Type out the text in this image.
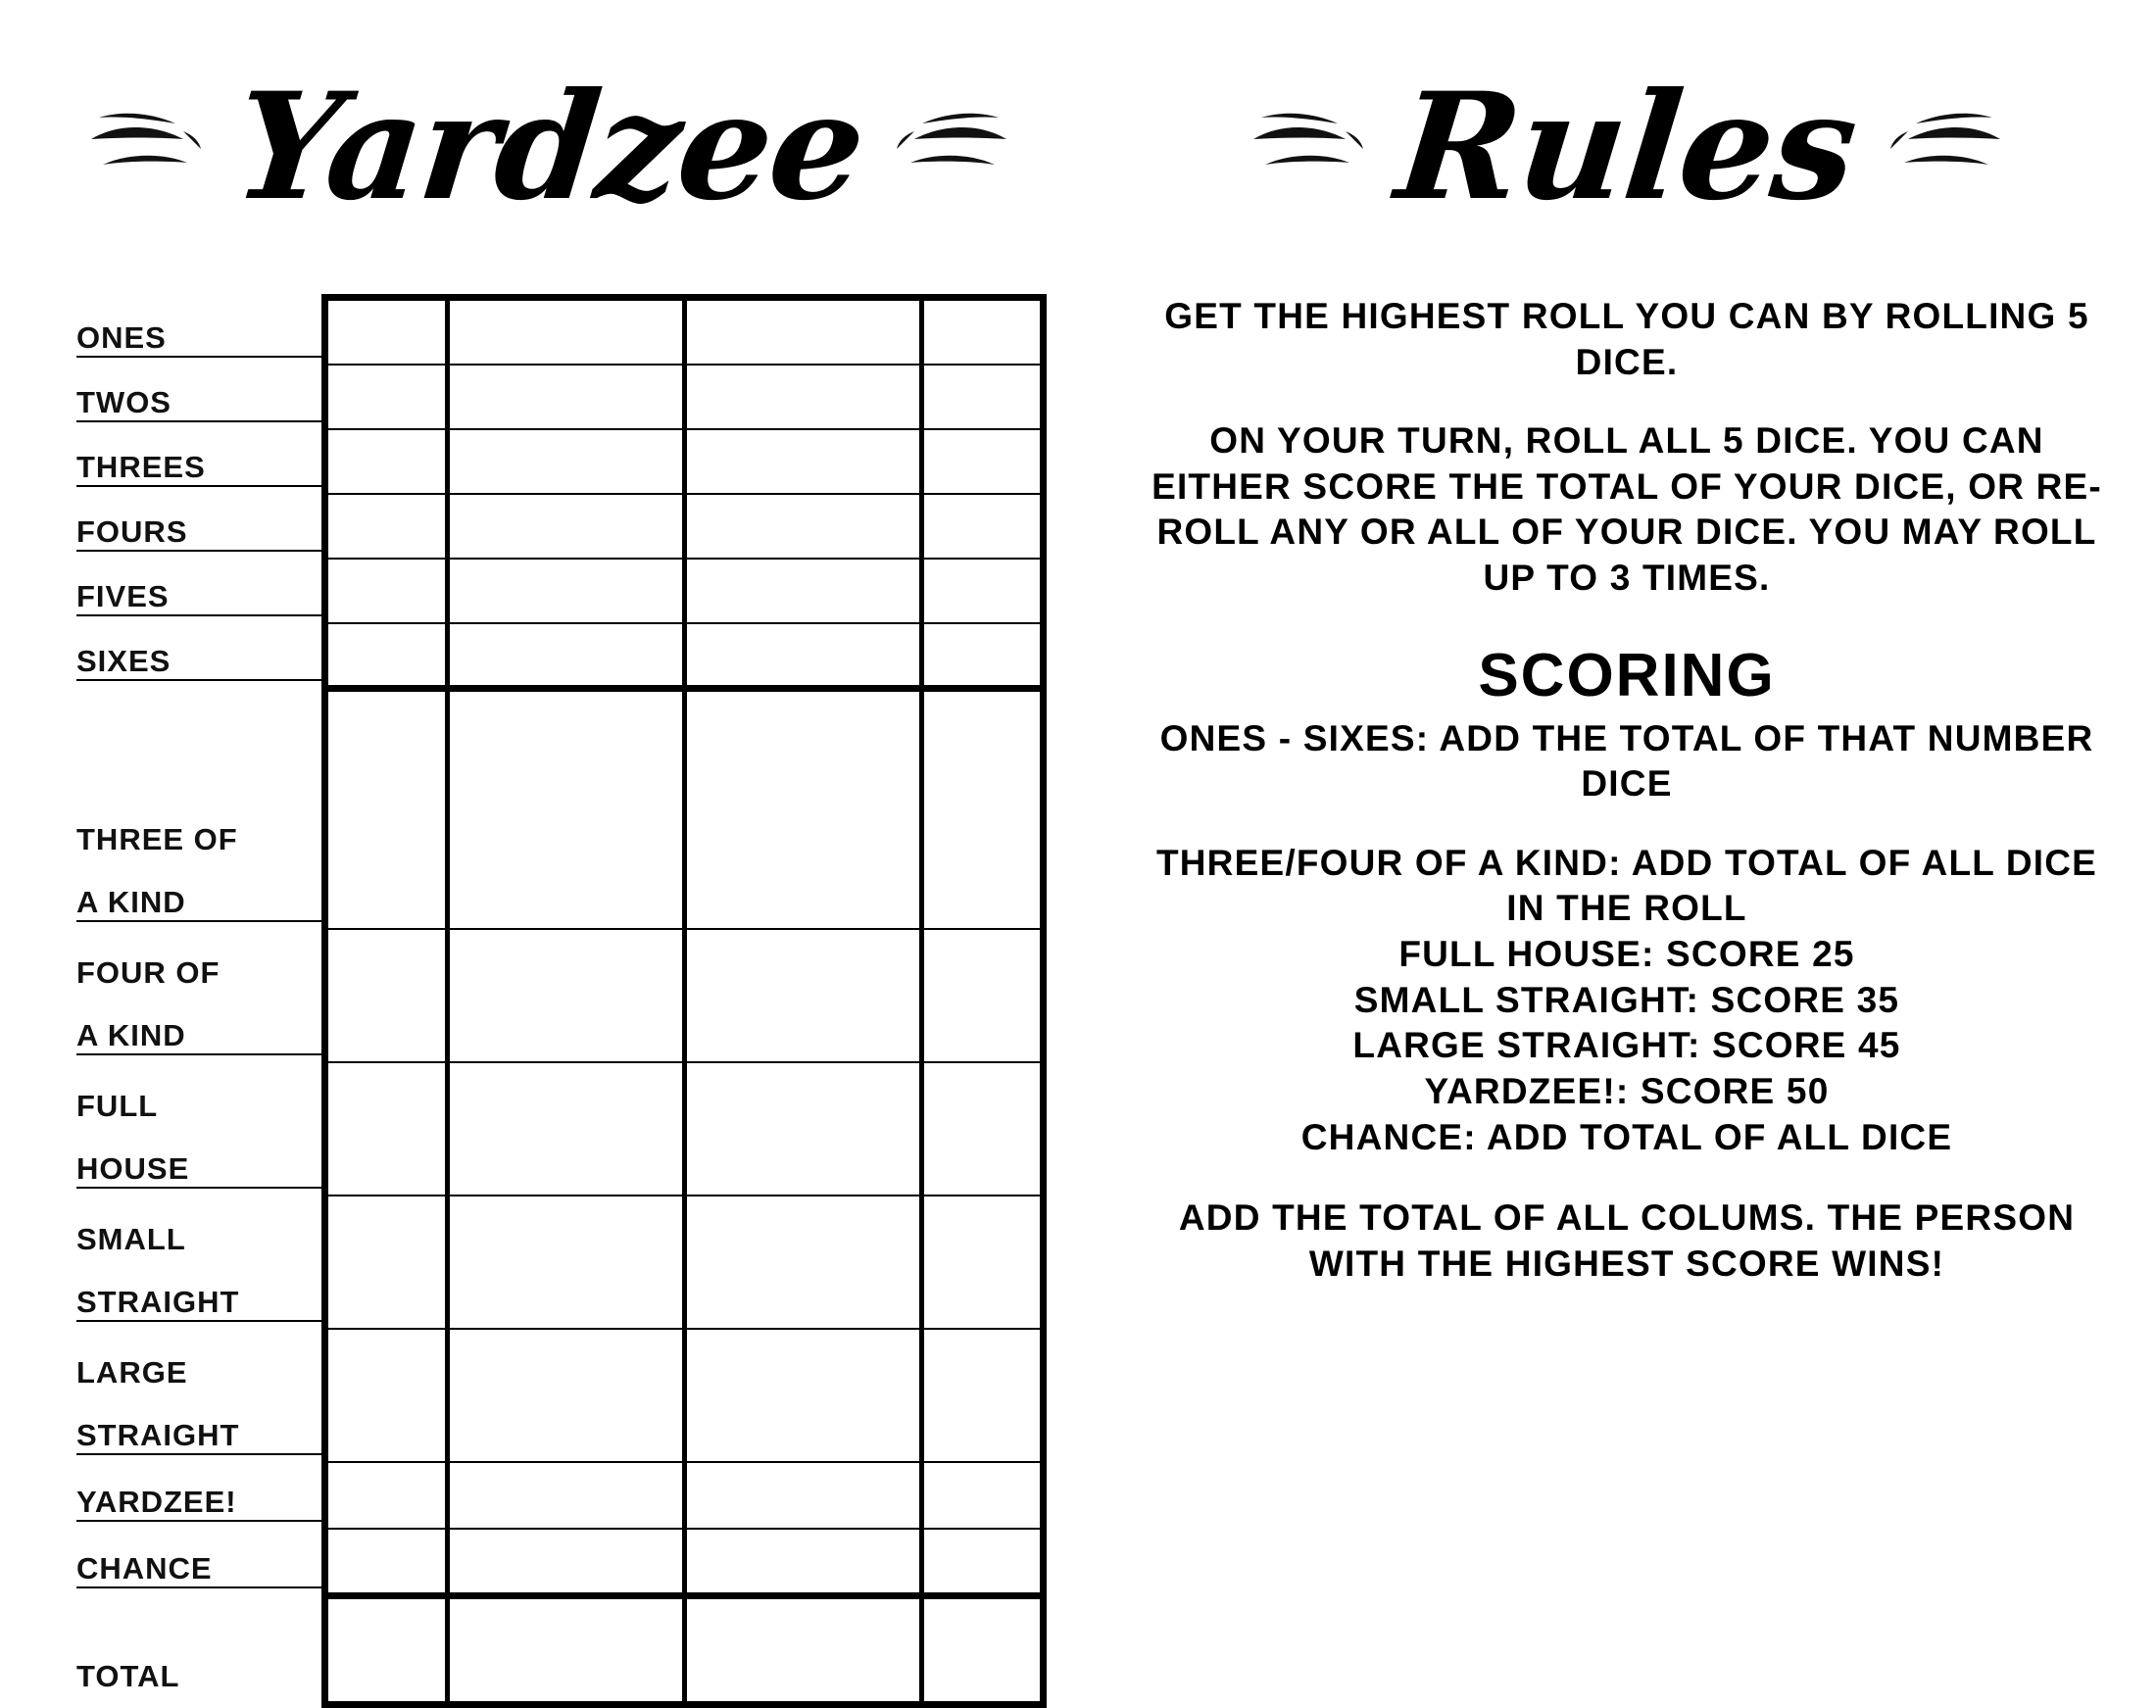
Yardzee
ONES
TWOS
THREES
FOURS
FIVES
SIXES
THREE OF
A KIND
FOUR OF
A KIND
FULL
HOUSE
SMALL
STRAIGHT
LARGE
STRAIGHT
YARDZEE!
CHANCE
TOTAL

Rules

GET THE HIGHEST ROLL YOU CAN BY ROLLING 5 DICE.

ON YOUR TURN, ROLL ALL 5 DICE. YOU CAN EITHER SCORE THE TOTAL OF YOUR DICE, OR RE-ROLL ANY OR ALL OF YOUR DICE. YOU MAY ROLL UP TO 3 TIMES.

SCORING

ONES - SIXES: ADD THE TOTAL OF THAT NUMBER DICE

THREE/FOUR OF A KIND: ADD TOTAL OF ALL DICE IN THE ROLL
FULL HOUSE: SCORE 25
SMALL STRAIGHT: SCORE 35
LARGE STRAIGHT: SCORE 45
YARDZEE!: SCORE 50
CHANCE: ADD TOTAL OF ALL DICE

ADD THE TOTAL OF ALL COLUMS. THE PERSON WITH THE HIGHEST SCORE WINS!
